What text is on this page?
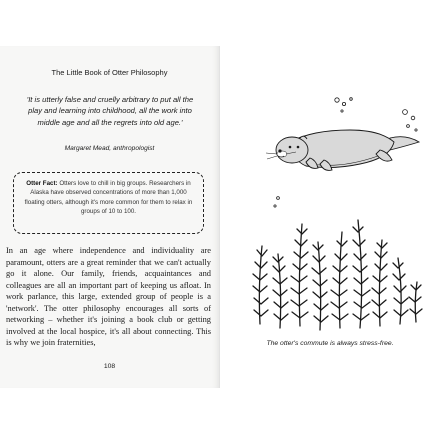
The Little Book of Otter Philosophy

'It is utterly false and cruelly arbitrary to put all the play and learning into childhood, all the work into middle age and all the regrets into old age.'

Margaret Mead, anthropologist
Otter Fact: Otters love to chill in big groups. Researchers in Alaska have observed concentrations of more than 1,000 floating otters, although it's more common for them to relax in groups of 10 to 100.

In an age where independence and individuality are paramount, otters are a great reminder that we can't actually go it alone. Our family, friends, acquaintances and colleagues are all an important part of keeping us afloat. In work parlance, this large, extended group of people is a 'network'. The otter philosophy encourages all sorts of networking – whether it's joining a book club or getting involved at the local hospice, it's all about connecting. This is why we join fraternities,

108
The otter's commute is always stress-free.
